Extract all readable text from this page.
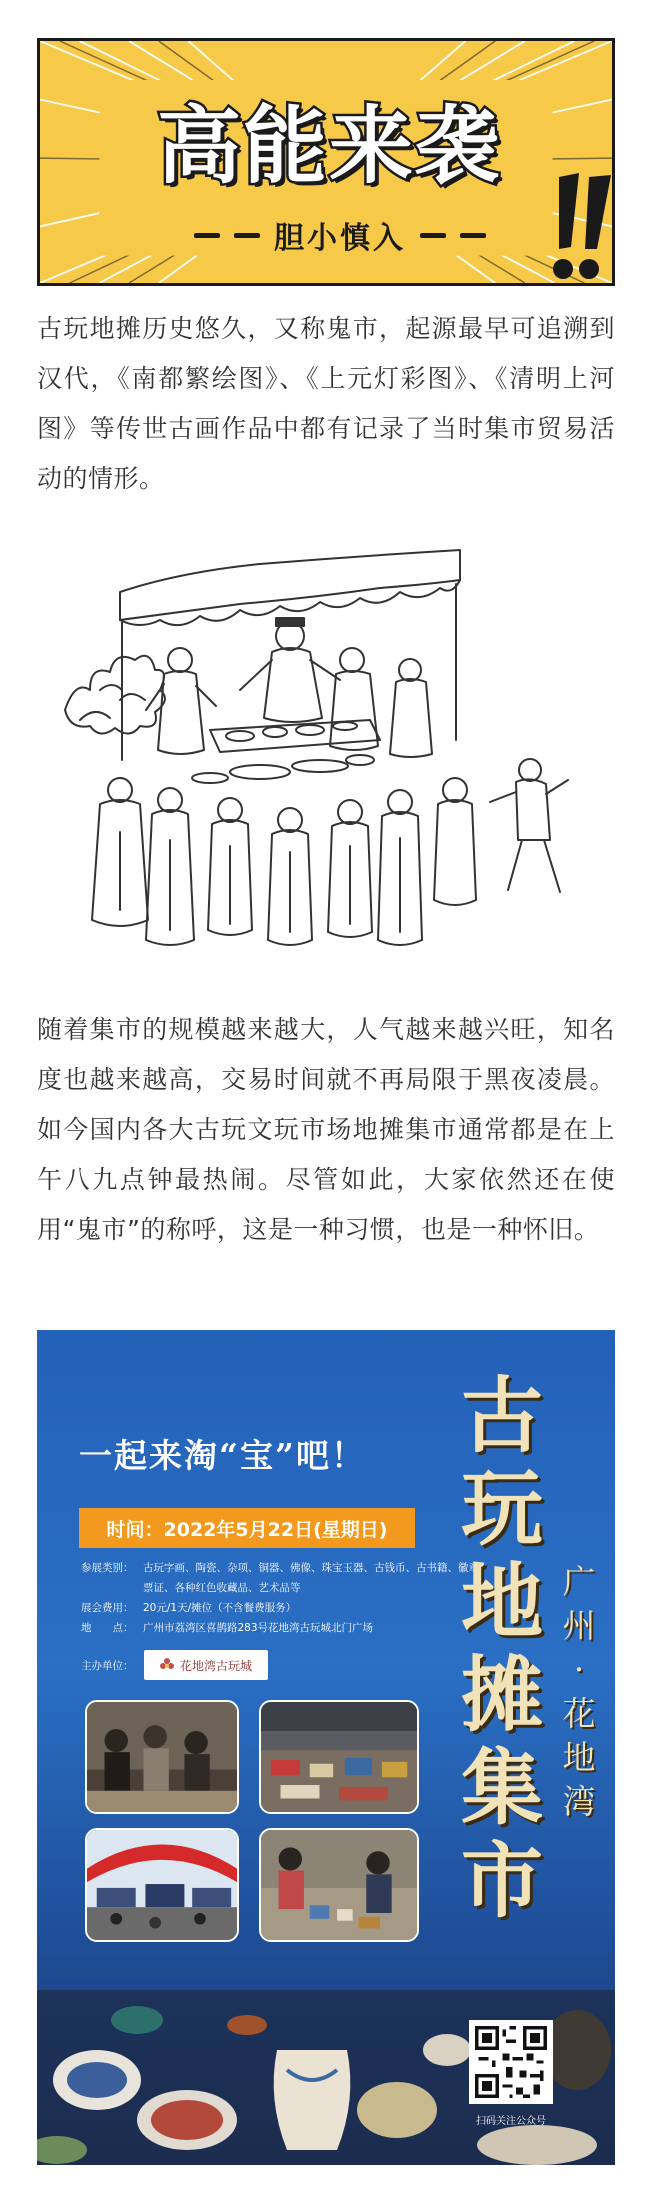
高能来袭
胆小慎入

古玩地摊历史悠久，又称鬼市，起源最早可追溯到汉代，《南都繁绘图》、《上元灯彩图》、《清明上河图》等传世古画作品中都有记录了当时集市贸易活动的情形。

随着集市的规模越来越大，人气越来越兴旺，知名度也越来越高，交易时间就不再局限于黑夜凌晨。如今国内各大古玩文玩市场地摊集市通常都是在上午八九点钟最热闹。尽管如此，大家依然还在使用“鬼市”的称呼，这是一种习惯，也是一种怀旧。

一起来淘“宝”吧！
时间：2022年5月22日(星期日)
参展类别： 古玩字画、陶瓷、杂项、铜器、佛像、珠宝玉器、古钱币、古书籍、徽章、票证、各种红色收藏品、艺术品等
展会费用： 20元/1天/摊位（不含餐费服务）
地　　点： 广州市荔湾区喜鹊路283号花地湾古玩城北门广场
主办单位：	花地湾古玩城
古玩地摊集市
广州·花地湾
扫码关注公众号
